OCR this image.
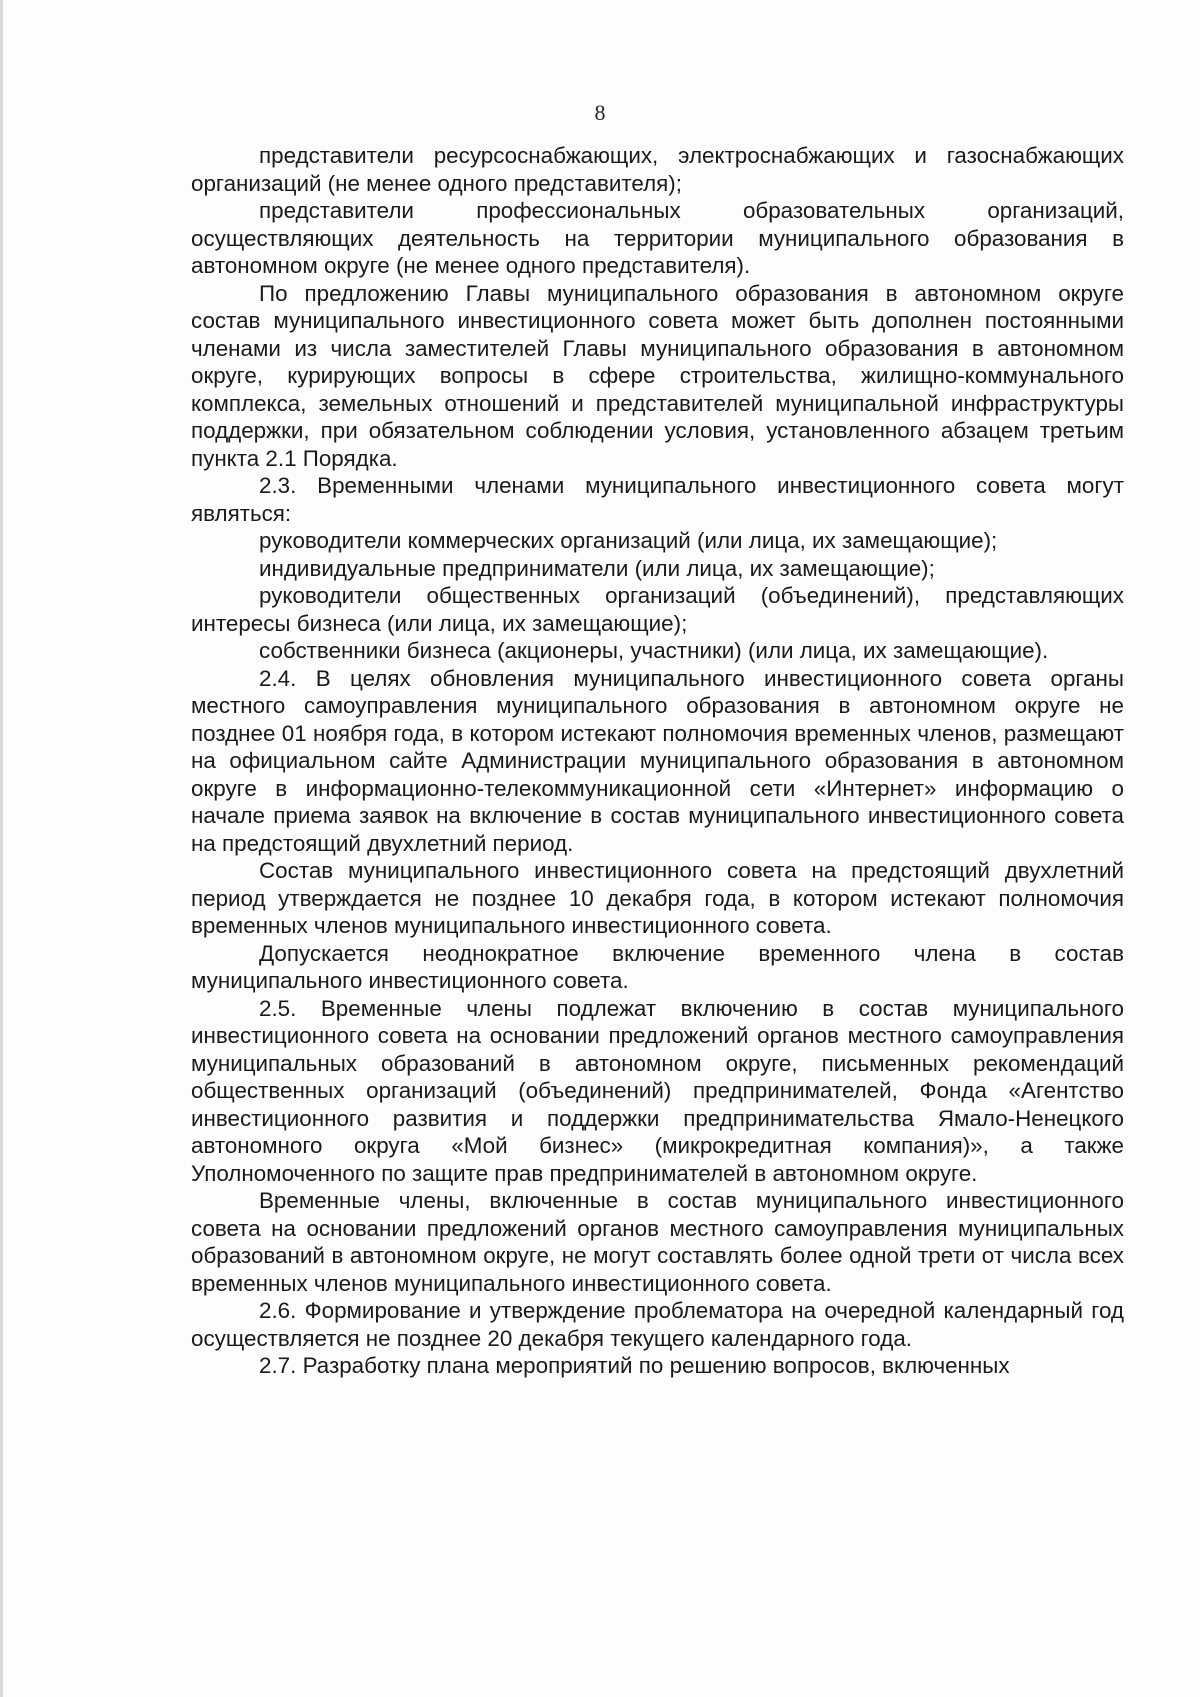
8

представители ресурсоснабжающих, электроснабжающих и газоснабжающих организаций (не менее одного представителя);

представители профессиональных образовательных организаций, осуществляющих деятельность на территории муниципального образования в автономном округе (не менее одного представителя).

По предложению Главы муниципального образования в автономном округе состав муниципального инвестиционного совета может быть дополнен постоянными членами из числа заместителей Главы муниципального образования в автономном округе, курирующих вопросы в сфере строительства, жилищно-коммунального комплекса, земельных отношений и представителей муниципальной инфраструктуры поддержки, при обязательном соблюдении условия, установленного абзацем третьим пункта 2.1 Порядка.

2.3. Временными членами муниципального инвестиционного совета могут являться:

руководители коммерческих организаций (или лица, их замещающие);

индивидуальные предприниматели (или лица, их замещающие);

руководители общественных организаций (объединений), представляющих интересы бизнеса (или лица, их замещающие);

собственники бизнеса (акционеры, участники) (или лица, их замещающие).

2.4. В целях обновления муниципального инвестиционного совета органы местного самоуправления муниципального образования в автономном округе не позднее 01 ноября года, в котором истекают полномочия временных членов, размещают на официальном сайте Администрации муниципального образования в автономном округе в информационно-телекоммуникационной сети «Интернет» информацию о начале приема заявок на включение в состав муниципального инвестиционного совета на предстоящий двухлетний период.

Состав муниципального инвестиционного совета на предстоящий двухлетний период утверждается не позднее 10 декабря года, в котором истекают полномочия временных членов муниципального инвестиционного совета.

Допускается неоднократное включение временного члена в состав муниципального инвестиционного совета.

2.5. Временные члены подлежат включению в состав муниципального инвестиционного совета на основании предложений органов местного самоуправления муниципальных образований в автономном округе, письменных рекомендаций общественных организаций (объединений) предпринимателей, Фонда «Агентство инвестиционного развития и поддержки предпринимательства Ямало-Ненецкого автономного округа «Мой бизнес» (микрокредитная компания)», а также Уполномоченного по защите прав предпринимателей в автономном округе.

Временные члены, включенные в состав муниципального инвестиционного совета на основании предложений органов местного самоуправления муниципальных образований в автономном округе, не могут составлять более одной трети от числа всех временных членов муниципального инвестиционного совета.

2.6. Формирование и утверждение проблематора на очередной календарный год осуществляется не позднее 20 декабря текущего календарного года.

2.7. Разработку плана мероприятий по решению вопросов, включенных
